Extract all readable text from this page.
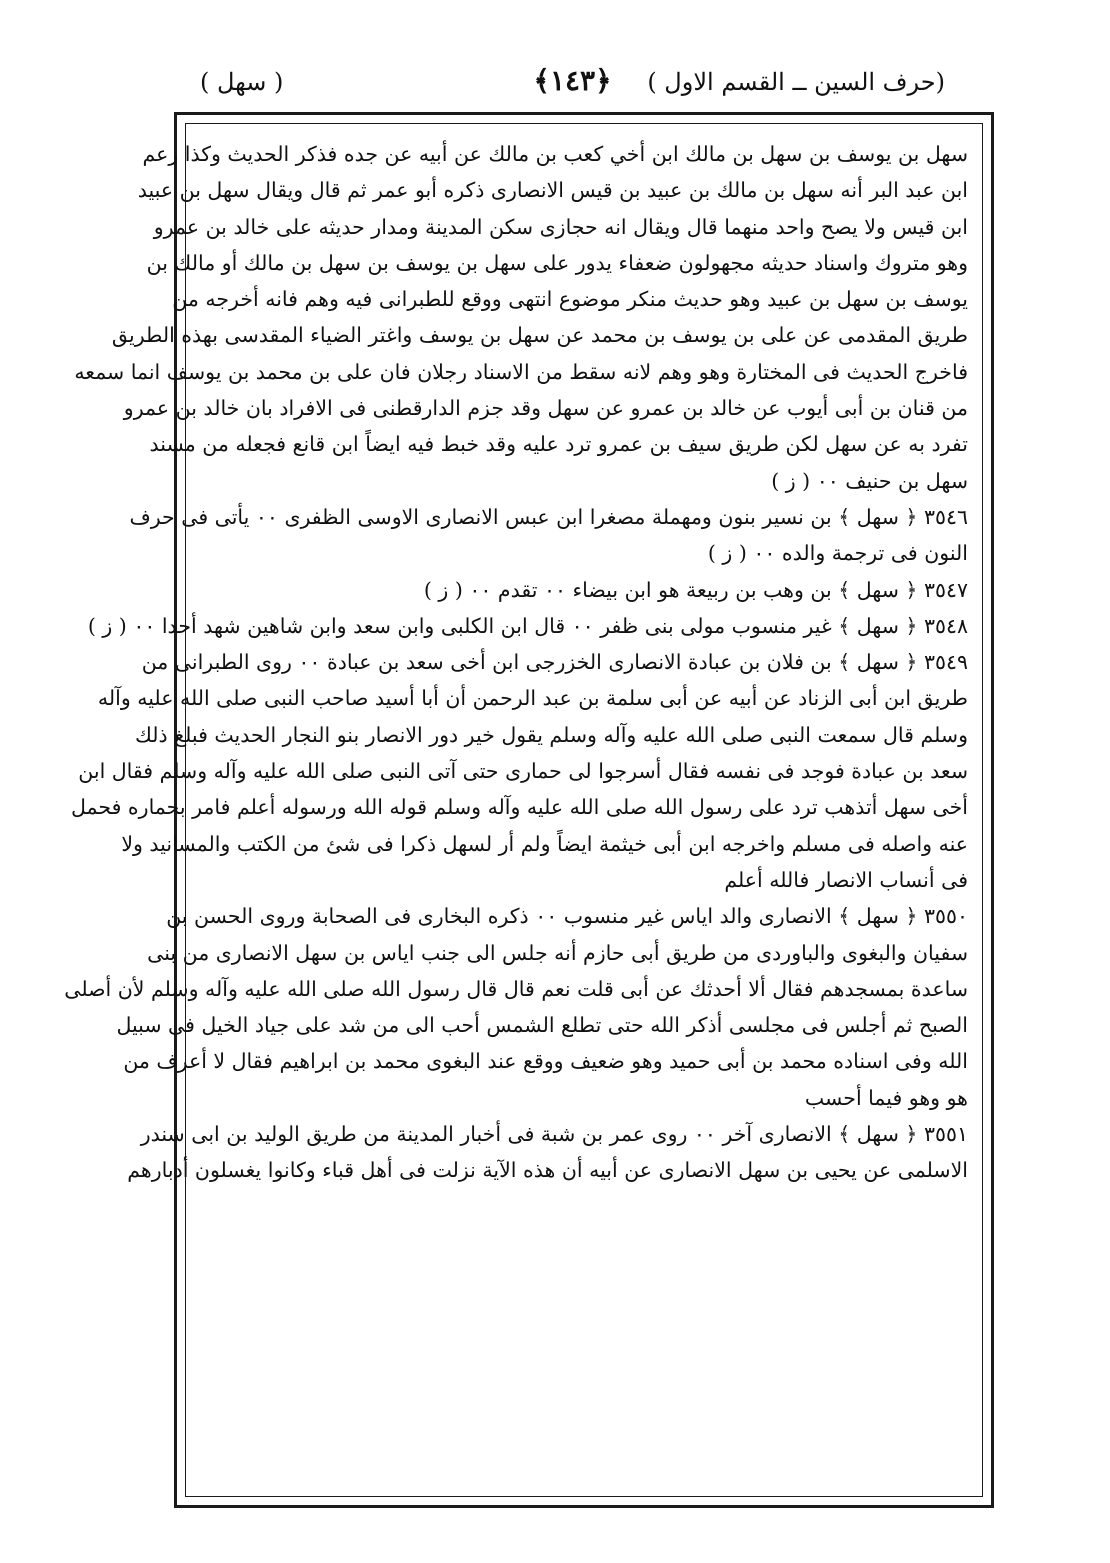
(حرف السين ــ القسم الاول )
﴿١٤٣﴾
( سهل )
سهل بن يوسف بن سهل بن مالك ابن أخي كعب بن مالك عن أبيه عن جده فذكر الحديث وكذا زعم
ابن عبد البر أنه سهل بن مالك بن عبيد بن قيس الانصارى ذكره أبو عمر ثم قال ويقال سهل بن عبيد
ابن قيس ولا يصح واحد منهما قال ويقال انه حجازى سكن المدينة ومدار حديثه على خالد بن عمرو
وهو متروك واسناد حديثه مجهولون ضعفاء يدور على سهل بن يوسف بن سهل بن مالك أو مالك بن
يوسف بن سهل بن عبيد وهو حديث منكر موضوع انتهى ووقع للطبرانى فيه وهم فانه أخرجه من
طريق المقدمى عن على بن يوسف بن محمد عن سهل بن يوسف واغتر الضياء المقدسى بهذه الطريق
فاخرج الحديث فى المختارة وهو وهم لانه سقط من الاسناد رجلان فان على بن محمد بن يوسف انما سمعه
من قنان بن أبى أيوب عن خالد بن عمرو عن سهل وقد جزم الدارقطنى فى الافراد بان خالد بن عمرو
تفرد به عن سهل لكن طريق سيف بن عمرو ترد عليه وقد خبط فيه ايضاً ابن قانع فجعله من مسند
سهل بن حنيف ٠٠ ( ز )
٣٥٤٦ ﴿ سهل ﴾ بن نسير بنون ومهملة مصغرا ابن عبس الانصارى الاوسى الظفرى ٠٠ يأتى فى حرف
النون فى ترجمة والده ٠٠ ( ز )
٣٥٤٧ ﴿ سهل ﴾ بن وهب بن ربيعة هو ابن بيضاء ٠٠ تقدم ٠٠ ( ز )
٣٥٤٨ ﴿ سهل ﴾ غير منسوب مولى بنى ظفر ٠٠ قال ابن الكلبى وابن سعد وابن شاهين شهد أحدا ٠٠ ( ز )
٣٥٤٩ ﴿ سهل ﴾ بن فلان بن عبادة الانصارى الخزرجى ابن أخى سعد بن عبادة ٠٠ روى الطبرانى من
طريق ابن أبى الزناد عن أبيه عن أبى سلمة بن عبد الرحمن أن أبا أسيد صاحب النبى صلى الله عليه وآله
وسلم قال سمعت النبى صلى الله عليه وآله وسلم يقول خير دور الانصار بنو النجار الحديث فبلغ ذلك
سعد بن عبادة فوجد فى نفسه فقال أسرجوا لى حمارى حتى آتى النبى صلى الله عليه وآله وسلم فقال ابن
أخى سهل أتذهب ترد على رسول الله صلى الله عليه وآله وسلم قوله الله ورسوله أعلم فامر بحماره فحمل
عنه واصله فى مسلم واخرجه ابن أبى خيثمة ايضاً ولم أر لسهل ذكرا فى شئ من الكتب والمسانيد ولا
فى أنساب الانصار فالله أعلم
٣٥٥٠ ﴿ سهل ﴾ الانصارى والد اياس غير منسوب ٠٠ ذكره البخارى فى الصحابة وروى الحسن بن
سفيان والبغوى والباوردى من طريق أبى حازم أنه جلس الى جنب اياس بن سهل الانصارى من بنى
ساعدة بمسجدهم فقال ألا أحدثك عن أبى قلت نعم قال قال رسول الله صلى الله عليه وآله وسلم لأن أصلى
الصبح ثم أجلس فى مجلسى أذكر الله حتى تطلع الشمس أحب الى من شد على جياد الخيل فى سبيل
الله وفى اسناده محمد بن أبى حميد وهو ضعيف ووقع عند البغوى محمد بن ابراهيم فقال لا أعرف من
هو وهو فيما أحسب
٣٥٥١ ﴿ سهل ﴾ الانصارى آخر ٠٠ روى عمر بن شبة فى أخبار المدينة من طريق الوليد بن ابى سندر
الاسلمى عن يحيى بن سهل الانصارى عن أبيه أن هذه الآية نزلت فى أهل قباء وكانوا يغسلون أدبارهم
